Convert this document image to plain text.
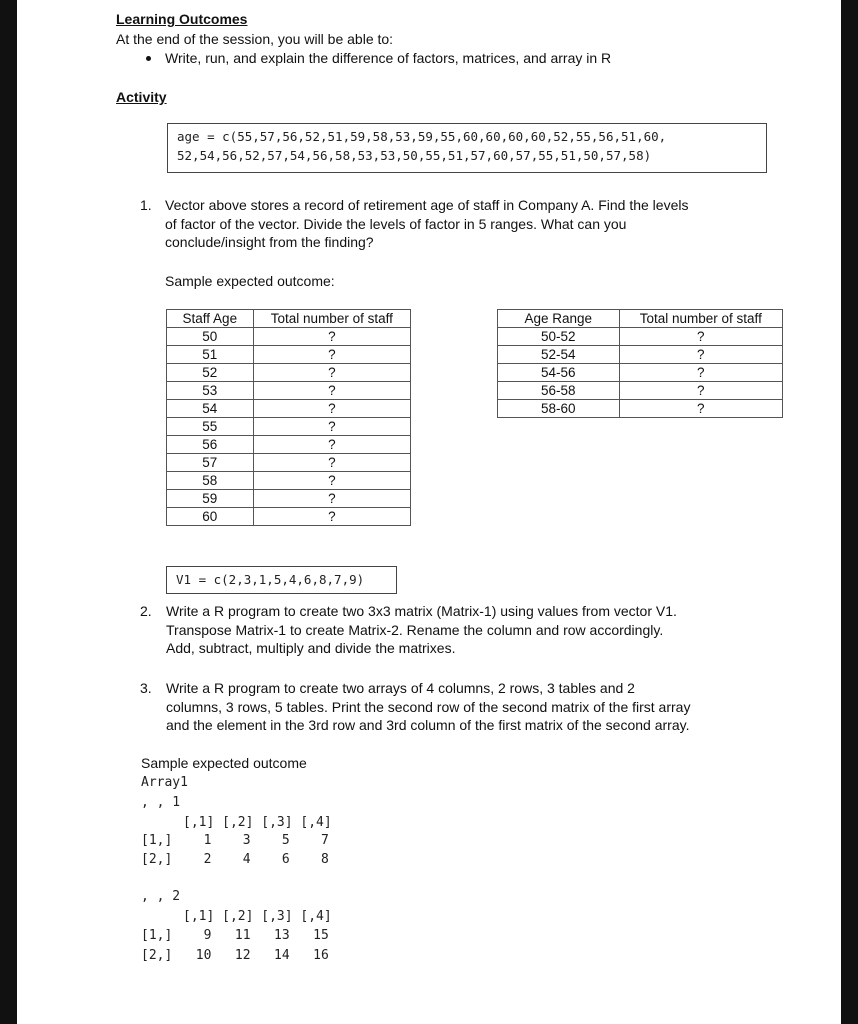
Learning Outcomes
At the end of the session, you will be able to:
Write, run, and explain the difference of factors, matrices, and array in R
Activity
age = c(55,57,56,52,51,59,58,53,59,55,60,60,60,60,52,55,56,51,60,
52,54,56,52,57,54,56,58,53,53,50,55,51,57,60,57,55,51,50,57,58)
1. Vector above stores a record of retirement age of staff in Company A. Find the levels
of factor of the vector. Divide the levels of factor in 5 ranges. What can you
conclude/insight from the finding?
Sample expected outcome:
Staff Age	Total number of staff
50	?
51	?
52	?
53	?
54	?
55	?
56	?
57	?
58	?
59	?
60	?
Age Range	Total number of staff
50-52	?
52-54	?
54-56	?
56-58	?
58-60	?
V1 = c(2,3,1,5,4,6,8,7,9)
2. Write a R program to create two 3x3 matrix (Matrix-1) using values from vector V1.
Transpose Matrix-1 to create Matrix-2. Rename the column and row accordingly.
Add, subtract, multiply and divide the matrixes.
3. Write a R program to create two arrays of 4 columns, 2 rows, 3 tables and 2
columns, 3 rows, 5 tables. Print the second row of the second matrix of the first array
and the element in the 3rd row and 3rd column of the first matrix of the second array.
Sample expected outcome
Array1
, , 1
[,1] [,2] [,3] [,4]
[1,]    1    3    5    7
[2,]    2    4    6    8
, , 2
[,1] [,2] [,3] [,4]
[1,]    9   11   13   15
[2,]   10   12   14   16
